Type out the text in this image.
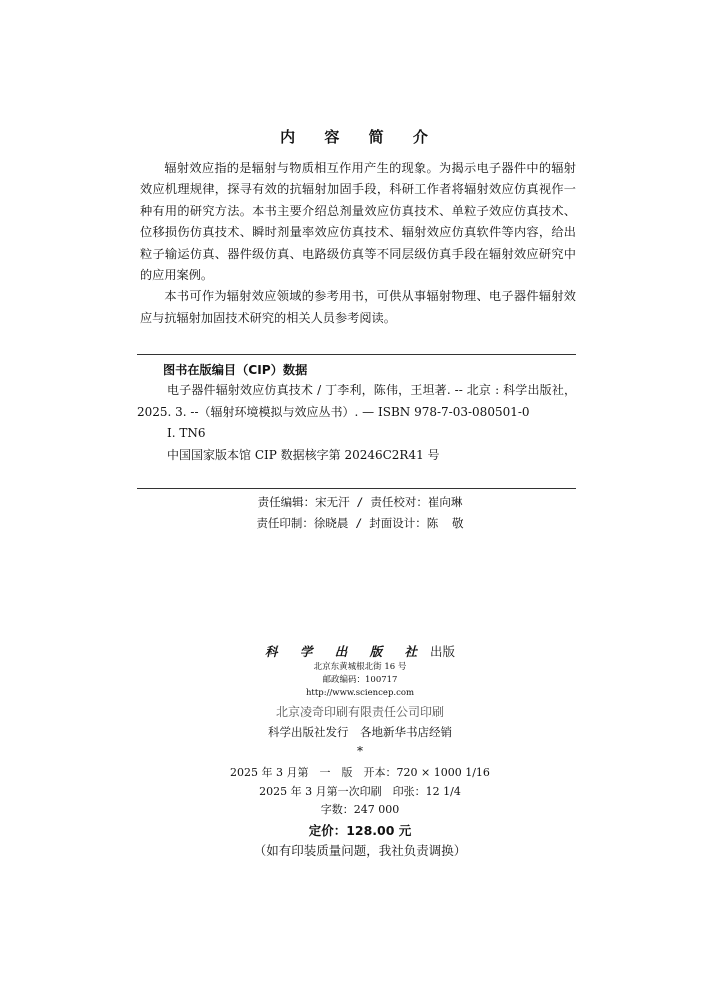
内 容 简 介

辐射效应指的是辐射与物质相互作用产生的现象。为揭示电子器件中的辐射效应机理规律，探寻有效的抗辐射加固手段，科研工作者将辐射效应仿真视作一种有用的研究方法。本书主要介绍总剂量效应仿真技术、单粒子效应仿真技术、位移损伤仿真技术、瞬时剂量率效应仿真技术、辐射效应仿真软件等内容，给出粒子输运仿真、器件级仿真、电路级仿真等不同层级仿真手段在辐射效应研究中的应用案例。

本书可作为辐射效应领域的参考用书，可供从事辐射物理、电子器件辐射效应与抗辐射加固技术研究的相关人员参考阅读。

图书在版编目（CIP）数据
电子器件辐射效应仿真技术 / 丁李利，陈伟，王坦著. -- 北京 : 科学出版社，2025. 3. --（辐射环境模拟与效应丛书）. — ISBN 978-7-03-080501-0
Ⅰ. TN6
中国国家版本馆 CIP 数据核字第 20246C2R41 号
责任编辑：宋无汗 / 责任校对：崔向琳
责任印制：徐晓晨 / 封面设计：陈  敬
科 学 出 版 社 出版
北京东黄城根北街 16 号
邮政编码：100717
http://www.sciencep.com
北京凌奇印刷有限责任公司印刷
科学出版社发行　各地新华书店经销
*
2025 年 3 月第　一　版　开本：720 × 1000 1/16
2025 年 3 月第一次印刷　印张：12 1/4
字数：247 000
定价：128.00 元
（如有印装质量问题，我社负责调换）
